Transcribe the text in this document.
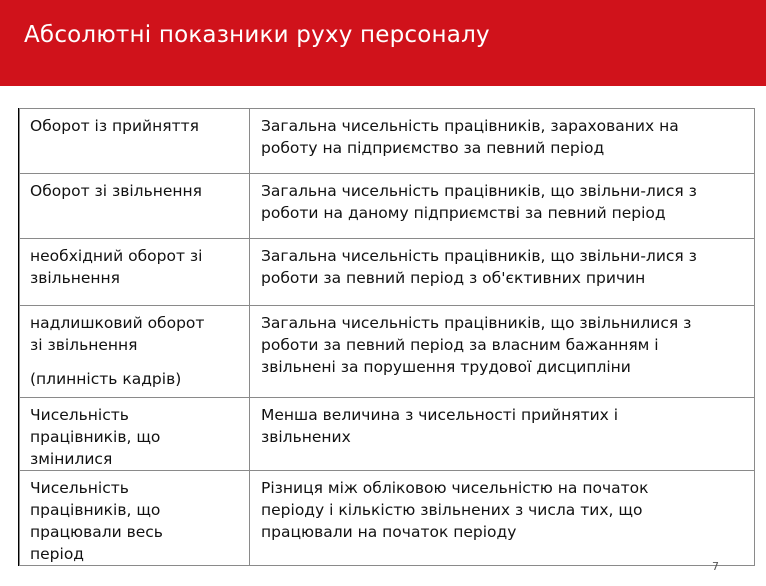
Абсолютні показники руху персоналу
Оборот із прийняття	Загальна чисельність працівників, зарахованих на
роботу на підприємство за певний період

Оборот зі звільнення	Загальна чисельність працівників, що звільни-лися з
роботи на даному підприємстві за певний період

необхідний оборот зі
звільнення	Загальна чисельність працівників, що звільни-лися з
роботи за певний період з об'єктивних причин

надлишковий оборот
зі звільнення
(плинність кадрів)	Загальна чисельність працівників, що звільнилися з
роботи за певний період за власним бажанням і
звільнені за порушення трудової дисципліни

Чисельність
працівників, що
змінилися	Менша величина з чисельності прийнятих і
звільнених

Чисельність
працівників, що
працювали весь
період	Різниця між обліковою чисельністю на початок
періоду і кількістю звільнених з числа тих, що
працювали на початок періоду
7
